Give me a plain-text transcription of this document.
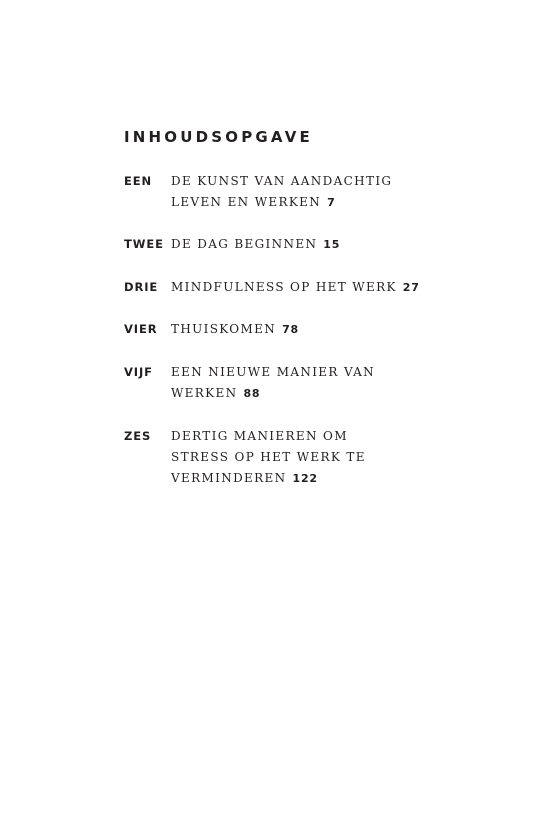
INHOUDSOPGAVE
EEN DE KUNST VAN AANDACHTIG
LEVEN EN WERKEN 7
TWEE DE DAG BEGINNEN 15
DRIE MINDFULNESS OP HET WERK 27
VIER THUISKOMEN 78
VIJF EEN NIEUWE MANIER VAN
WERKEN 88
ZES DERTIG MANIEREN OM
STRESS OP HET WERK TE
VERMINDEREN 122
